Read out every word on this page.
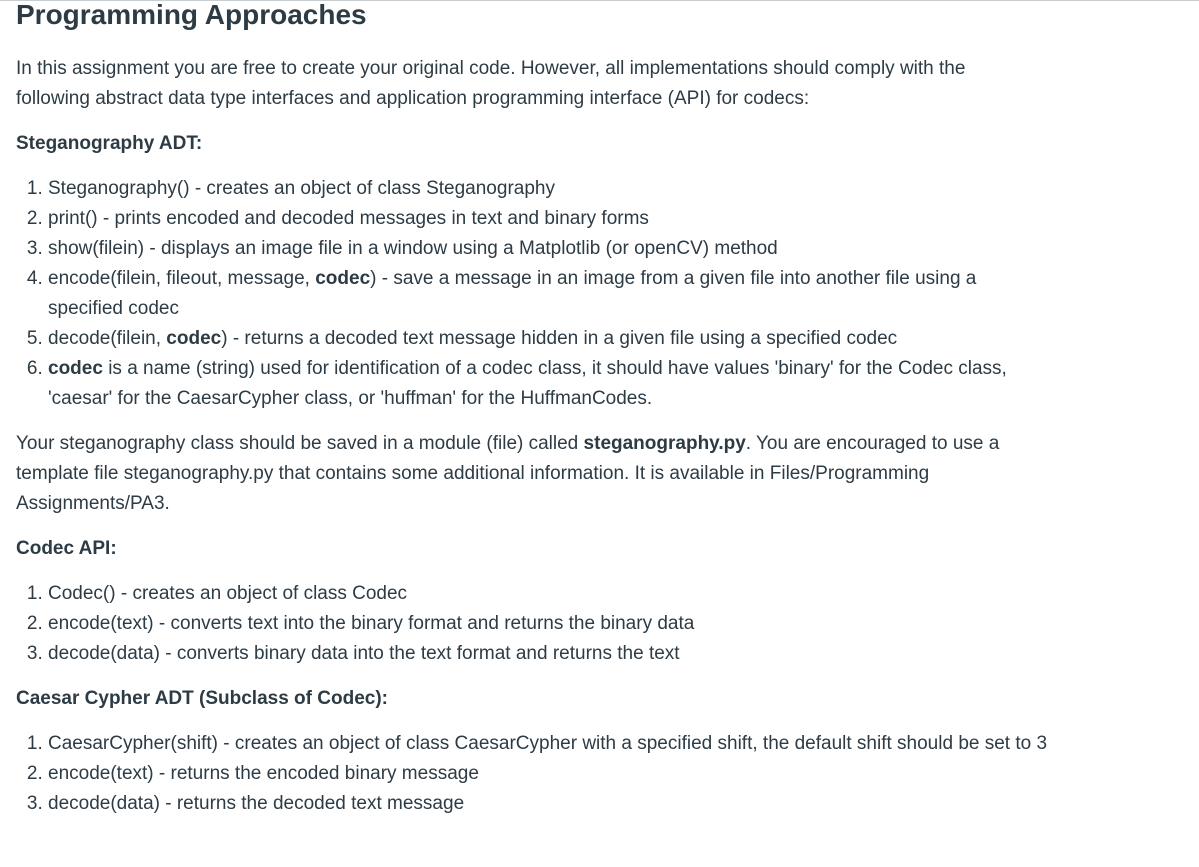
Programming Approaches

In this assignment you are free to create your original code. However, all implementations should comply with the following abstract data type interfaces and application programming interface (API) for codecs:

Steganography ADT:

1. Steganography() - creates an object of class Steganography
2. print() - prints encoded and decoded messages in text and binary forms
3. show(filein) - displays an image file in a window using a Matplotlib (or openCV) method
4. encode(filein, fileout, message, codec) - save a message in an image from a given file into another file using a specified codec
5. decode(filein, codec) - returns a decoded text message hidden in a given file using a specified codec
6. codec is a name (string) used for identification of a codec class, it should have values 'binary' for the Codec class, 'caesar' for the CaesarCypher class, or 'huffman' for the HuffmanCodes.

Your steganography class should be saved in a module (file) called steganography.py. You are encouraged to use a template file steganography.py that contains some additional information. It is available in Files/Programming Assignments/PA3.

Codec API:

1. Codec() - creates an object of class Codec
2. encode(text) - converts text into the binary format and returns the binary data
3. decode(data) - converts binary data into the text format and returns the text

Caesar Cypher ADT (Subclass of Codec):

1. CaesarCypher(shift) - creates an object of class CaesarCypher with a specified shift, the default shift should be set to 3
2. encode(text) - returns the encoded binary message
3. decode(data) - returns the decoded text message
